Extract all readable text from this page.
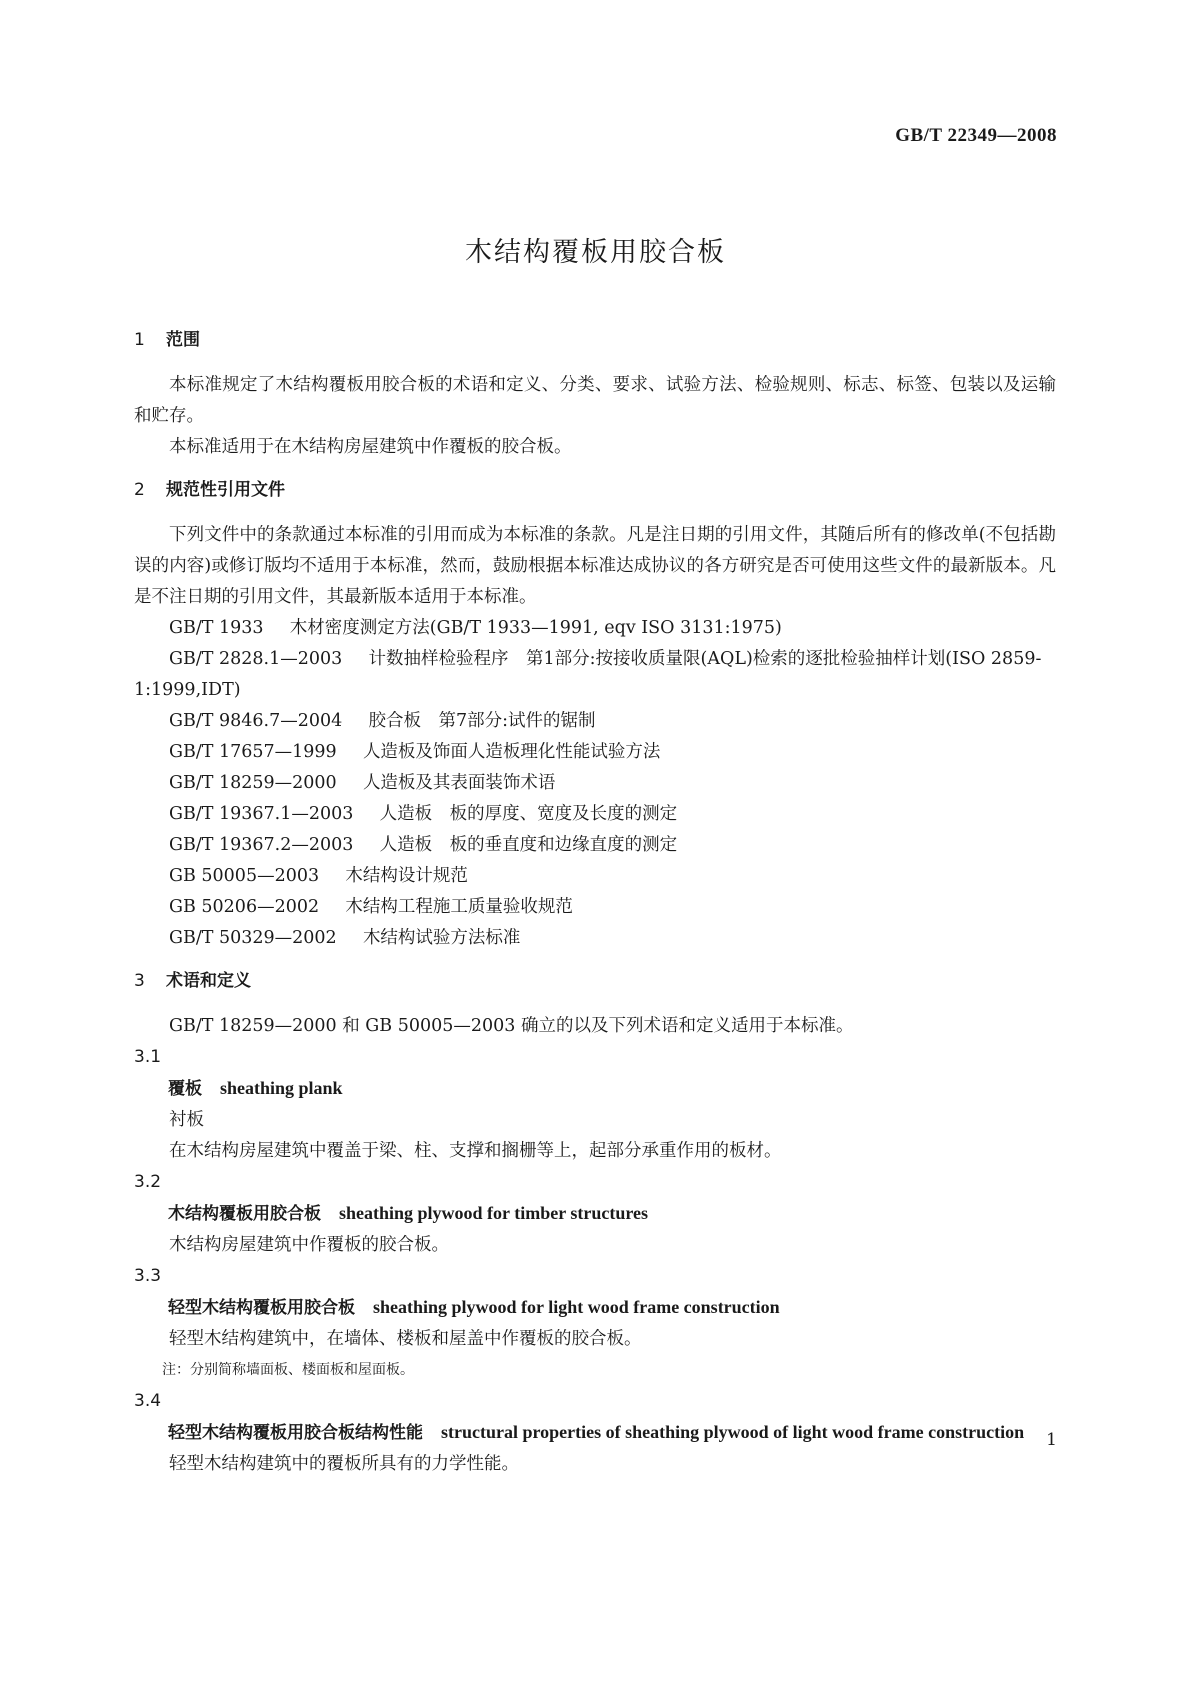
GB/T 22349—2008
木结构覆板用胶合板
1 范围

本标准规定了木结构覆板用胶合板的术语和定义、分类、要求、试验方法、检验规则、标志、标签、包装以及运输和贮存。

本标准适用于在木结构房屋建筑中作覆板的胶合板。

2 规范性引用文件

下列文件中的条款通过本标准的引用而成为本标准的条款。凡是注日期的引用文件，其随后所有的修改单(不包括勘误的内容)或修订版均不适用于本标准，然而，鼓励根据本标准达成协议的各方研究是否可使用这些文件的最新版本。凡是不注日期的引用文件，其最新版本适用于本标准。

GB/T 1933 木材密度测定方法(GB/T 1933—1991, eqv ISO 3131:1975)
GB/T 2828.1—2003 计数抽样检验程序　第1部分:按接收质量限(AQL)检索的逐批检验抽样计划(ISO 2859-1:1999,IDT)
GB/T 9846.7—2004 胶合板　第7部分:试件的锯制
GB/T 17657—1999 人造板及饰面人造板理化性能试验方法
GB/T 18259—2000 人造板及其表面装饰术语
GB/T 19367.1—2003 人造板　板的厚度、宽度及长度的测定
GB/T 19367.2—2003 人造板　板的垂直度和边缘直度的测定
GB 50005—2003 木结构设计规范
GB 50206—2002 木结构工程施工质量验收规范
GB/T 50329—2002 木结构试验方法标准
3 术语和定义

GB/T 18259—2000 和 GB 50005—2003 确立的以及下列术语和定义适用于本标准。

3.1
覆板 sheathing plank
衬板
在木结构房屋建筑中覆盖于梁、柱、支撑和搁栅等上，起部分承重作用的板材。
3.2
木结构覆板用胶合板 sheathing plywood for timber structures
木结构房屋建筑中作覆板的胶合板。
3.3
轻型木结构覆板用胶合板 sheathing plywood for light wood frame construction
轻型木结构建筑中，在墙体、楼板和屋盖中作覆板的胶合板。
注：分别简称墙面板、楼面板和屋面板。
3.4
轻型木结构覆板用胶合板结构性能 structural properties of sheathing plywood of light wood frame construction
轻型木结构建筑中的覆板所具有的力学性能。
1
